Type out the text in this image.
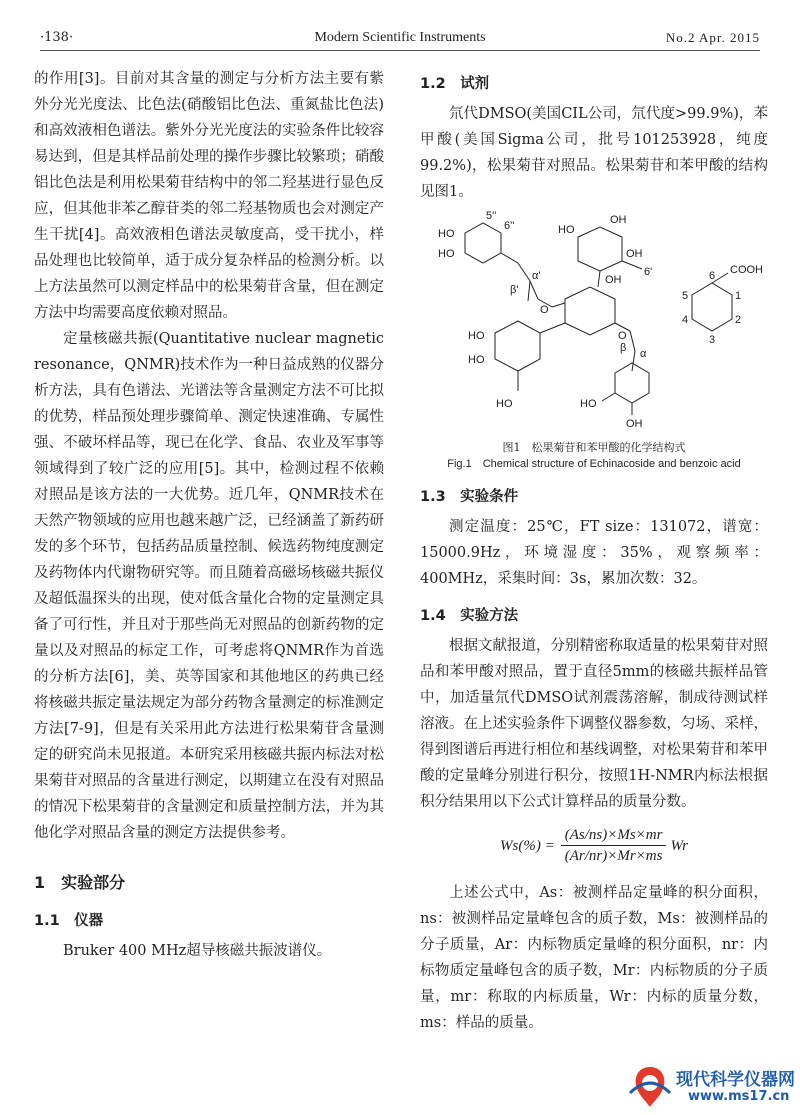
·138·	Modern Scientific Instruments	No.2 Apr. 2015

的作用[3]。目前对其含量的测定与分析方法主要有紫外分光光度法、比色法(硝酸铝比色法、重氮盐比色法)和高效液相色谱法。紫外分光光度法的实验条件比较容易达到，但是其样品前处理的操作步骤比较繁琐；硝酸铝比色法是利用松果菊苷结构中的邻二羟基进行显色反应，但其他非苯乙醇苷类的邻二羟基物质也会对测定产生干扰[4]。高效液相色谱法灵敏度高，受干扰小，样品处理也比较简单，适于成分复杂样品的检测分析。以上方法虽然可以测定样品中的松果菊苷含量，但在测定方法中均需要高度依赖对照品。

定量核磁共振(Quantitative nuclear magnetic resonance，QNMR)技术作为一种日益成熟的仪器分析方法，具有色谱法、光谱法等含量测定方法不可比拟的优势，样品预处理步骤简单、测定快速准确、专属性强、不破坏样品等，现已在化学、食品、农业及军事等领域得到了较广泛的应用[5]。其中，检测过程不依赖对照品是该方法的一大优势。近几年，QNMR技术在天然产物领域的应用也越来越广泛，已经涵盖了新药研发的多个环节，包括药品质量控制、候选药物纯度测定及药物体内代谢物研究等。而且随着高磁场核磁共振仪及超低温探头的出现，使对低含量化合物的定量测定具备了可行性，并且对于那些尚无对照品的创新药物的定量以及对照品的标定工作，可考虑将QNMR作为首选的分析方法[6]，美、英等国家和其他地区的药典已经将核磁共振定量法规定为部分药物含量测定的标准测定方法[7-9]，但是有关采用此方法进行松果菊苷含量测定的研究尚未见报道。本研究采用核磁共振内标法对松果菊苷对照品的含量进行测定，以期建立在没有对照品的情况下松果菊苷的含量测定和质量控制方法，并为其他化学对照品含量的测定方法提供参考。

1　实验部分
1.1　仪器

Bruker 400 MHz超导核磁共振波谱仪。

1.2　试剂

氘代DMSO(美国CIL公司，氘代度>99.9%)，苯甲酸(美国Sigma公司，批号101253928，纯度99.2%)，松果菊苷对照品。松果菊苷和苯甲酸的结构见图1。

HO
HO
5''
6''
α'
β'
O
OH
HO
OH
6'
OH
O
α
β
HO
HO
HO	HO
OH
COOH
6
5
4
3
2
1
图1　松果菊苷和苯甲酸的化学结构式
Fig.1　Chemical structure of Echinacoside and benzoic acid
1.3　实验条件

测定温度：25℃，FT size：131072，谱宽：15000.9Hz，环境湿度：35%，观察频率：400MHz，采集时间：3s，累加次数：32。

1.4　实验方法

根据文献报道，分别精密称取适量的松果菊苷对照品和苯甲酸对照品，置于直径5mm的核磁共振样品管中，加适量氘代DMSO试剂震荡溶解，制成待测试样溶液。在上述实验条件下调整仪器参数，匀场、采样，得到图谱后再进行相位和基线调整，对松果菊苷和苯甲酸的定量峰分别进行积分，按照1H-NMR内标法根据积分结果用以下公式计算样品的质量分数。

Ws(%) =	(As/ns)×Ms×mr	Wr
(Ar/nr)×Mr×ms

上述公式中，As：被测样品定量峰的积分面积，ns：被测样品定量峰包含的质子数，Ms：被测样品的分子质量，Ar：内标物质定量峰的积分面积，nr：内标物质定量峰包含的质子数，Mr：内标物质的分子质量，mr：称取的内标质量，Wr：内标的质量分数，ms：样品的质量。

现代科学仪器网
www.ms17.cn
